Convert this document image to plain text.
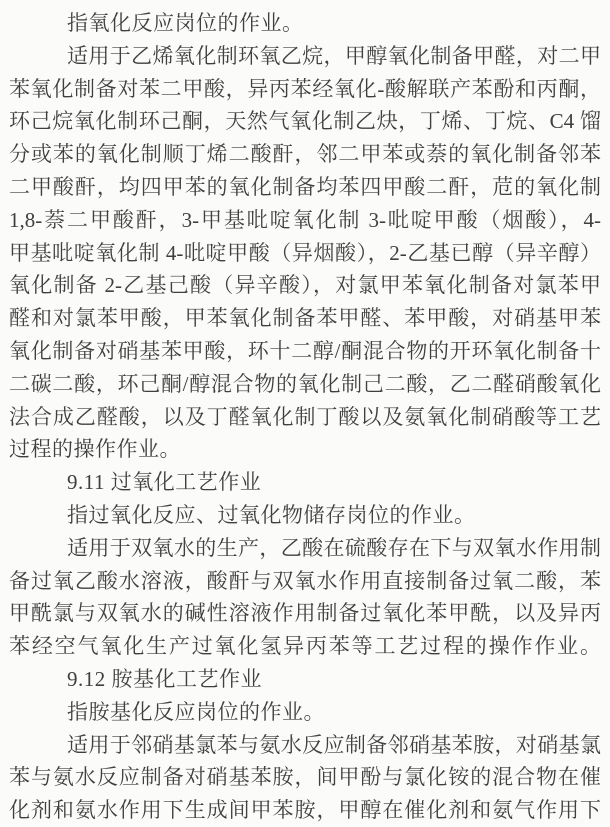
指氧化反应岗位的作业。
适用于乙烯氧化制环氧乙烷，甲醇氧化制备甲醛，对二甲
苯氧化制备对苯二甲酸，异丙苯经氧化-酸解联产苯酚和丙酮，
环己烷氧化制环己酮，天然气氧化制乙炔，丁烯、丁烷、C4 馏
分或苯的氧化制顺丁烯二酸酐，邻二甲苯或萘的氧化制备邻苯
二甲酸酐，均四甲苯的氧化制备均苯四甲酸二酐，苊的氧化制
1,8-萘二甲酸酐，3-甲基吡啶氧化制 3-吡啶甲酸（烟酸），4-
甲基吡啶氧化制 4-吡啶甲酸（异烟酸），2-乙基已醇（异辛醇）
氧化制备 2-乙基己酸（异辛酸），对氯甲苯氧化制备对氯苯甲
醛和对氯苯甲酸，甲苯氧化制备苯甲醛、苯甲酸，对硝基甲苯
氧化制备对硝基苯甲酸，环十二醇/酮混合物的开环氧化制备十
二碳二酸，环己酮/醇混合物的氧化制己二酸，乙二醛硝酸氧化
法合成乙醛酸，以及丁醛氧化制丁酸以及氨氧化制硝酸等工艺
过程的操作作业。
9.11 过氧化工艺作业
指过氧化反应、过氧化物储存岗位的作业。
适用于双氧水的生产，乙酸在硫酸存在下与双氧水作用制
备过氧乙酸水溶液，酸酐与双氧水作用直接制备过氧二酸，苯
甲酰氯与双氧水的碱性溶液作用制备过氧化苯甲酰，以及异丙
苯经空气氧化生产过氧化氢异丙苯等工艺过程的操作作业。
9.12 胺基化工艺作业
指胺基化反应岗位的作业。
适用于邻硝基氯苯与氨水反应制备邻硝基苯胺，对硝基氯
苯与氨水反应制备对硝基苯胺，间甲酚与氯化铵的混合物在催
化剂和氨水作用下生成间甲苯胺，甲醇在催化剂和氨气作用下
